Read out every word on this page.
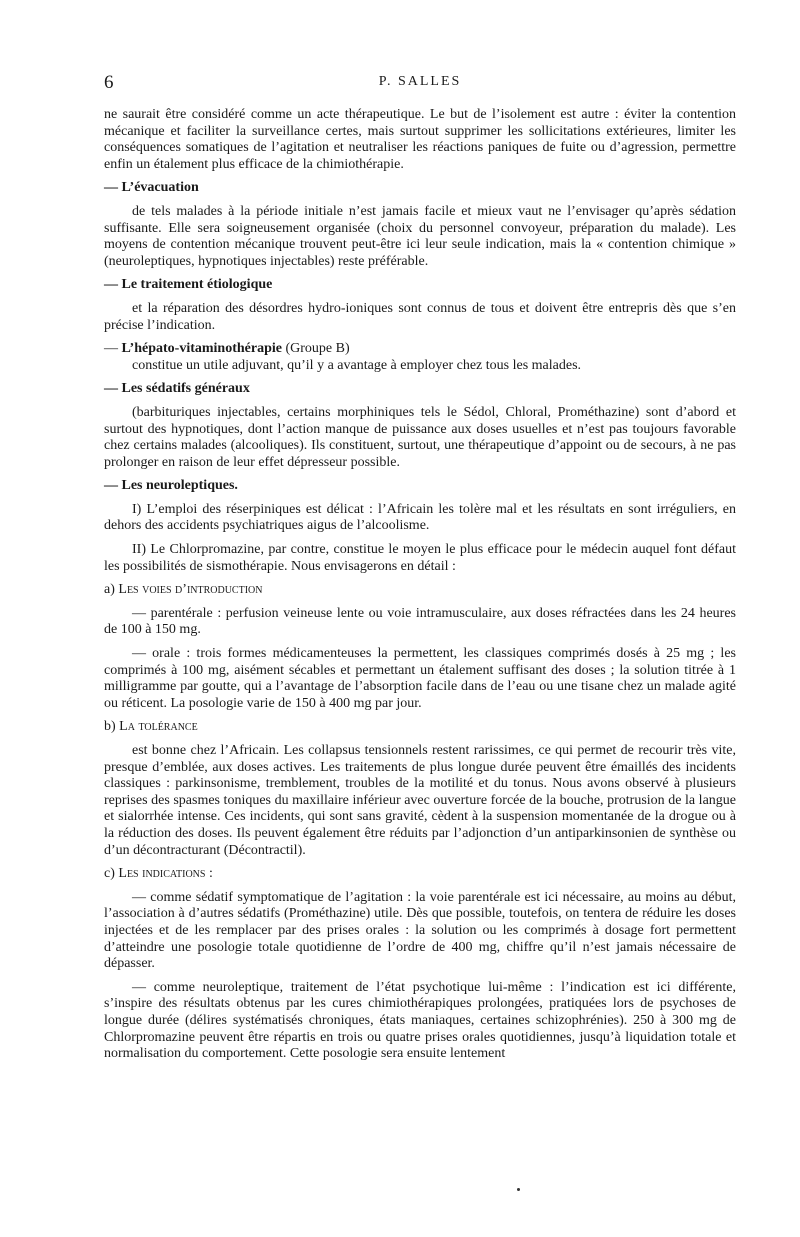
6	P. SALLES

ne saurait être considéré comme un acte thérapeutique. Le but de l’isolement est autre : éviter la contention mécanique et faciliter la surveillance certes, mais surtout supprimer les sollicitations extérieures, limiter les conséquences somatiques de l’agitation et neutraliser les réactions paniques de fuite ou d’agression, permettre enfin un étalement plus efficace de la chimiothérapie.

— L’évacuation

de tels malades à la période initiale n’est jamais facile et mieux vaut ne l’envisager qu’après sédation suffisante. Elle sera soigneusement organisée (choix du personnel convoyeur, préparation du malade). Les moyens de contention mécanique trouvent peut-être ici leur seule indication, mais la « contention chimique » (neuroleptiques, hypnotiques injectables) reste préférable.

— Le traitement étiologique

et la réparation des désordres hydro-ioniques sont connus de tous et doivent être entrepris dès que s’en précise l’indication.

— L’hépato-vitaminothérapie (Groupe B)

constitue un utile adjuvant, qu’il y a avantage à employer chez tous les malades.

— Les sédatifs généraux

(barbituriques injectables, certains morphiniques tels le Sédol, Chloral, Prométhazine) sont d’abord et surtout des hypnotiques, dont l’action manque de puissance aux doses usuelles et n’est pas toujours favorable chez certains malades (alcooliques). Ils constituent, surtout, une thérapeutique d’appoint ou de secours, à ne pas prolonger en raison de leur effet dépresseur possible.

— Les neuroleptiques.

I) L’emploi des réserpiniques est délicat : l’Africain les tolère mal et les résultats en sont irréguliers, en dehors des accidents psychiatriques aigus de l’alcoolisme.

II) Le Chlorpromazine, par contre, constitue le moyen le plus efficace pour le médecin auquel font défaut les possibilités de sismothérapie. Nous envisagerons en détail :

a) Les voies d’introduction

— parentérale : perfusion veineuse lente ou voie intramusculaire, aux doses réfractées dans les 24 heures de 100 à 150 mg.

— orale : trois formes médicamenteuses la permettent, les classiques comprimés dosés à 25 mg ; les comprimés à 100 mg, aisément sécables et permettant un étalement suffisant des doses ; la solution titrée à 1 milligramme par goutte, qui a l’avantage de l’absorption facile dans de l’eau ou une tisane chez un malade agité ou réticent. La posologie varie de 150 à 400 mg par jour.

b) La tolérance

est bonne chez l’Africain. Les collapsus tensionnels restent rarissimes, ce qui permet de recourir très vite, presque d’emblée, aux doses actives. Les traitements de plus longue durée peuvent être émaillés des incidents classiques : parkinsonisme, tremblement, troubles de la motilité et du tonus. Nous avons observé à plusieurs reprises des spasmes toniques du maxillaire inférieur avec ouverture forcée de la bouche, protrusion de la langue et sialorrhée intense. Ces incidents, qui sont sans gravité, cèdent à la suspension momentanée de la drogue ou à la réduction des doses. Ils peuvent également être réduits par l’adjonction d’un antiparkinsonien de synthèse ou d’un décontracturant (Décontractil).

c) Les indications :

— comme sédatif symptomatique de l’agitation : la voie parentérale est ici nécessaire, au moins au début, l’association à d’autres sédatifs (Prométhazine) utile. Dès que possible, toutefois, on tentera de réduire les doses injectées et de les remplacer par des prises orales : la solution ou les comprimés à dosage fort permettent d’atteindre une posologie totale quotidienne de l’ordre de 400 mg, chiffre qu’il n’est jamais nécessaire de dépasser.

— comme neuroleptique, traitement de l’état psychotique lui-même : l’indication est ici différente, s’inspire des résultats obtenus par les cures chimiothérapiques prolongées, pratiquées lors de psychoses de longue durée (délires systématisés chroniques, états maniaques, certaines schizophrénies). 250 à 300 mg de Chlorpromazine peuvent être répartis en trois ou quatre prises orales quotidiennes, jusqu’à liquidation totale et normalisation du comportement. Cette posologie sera ensuite lentement
